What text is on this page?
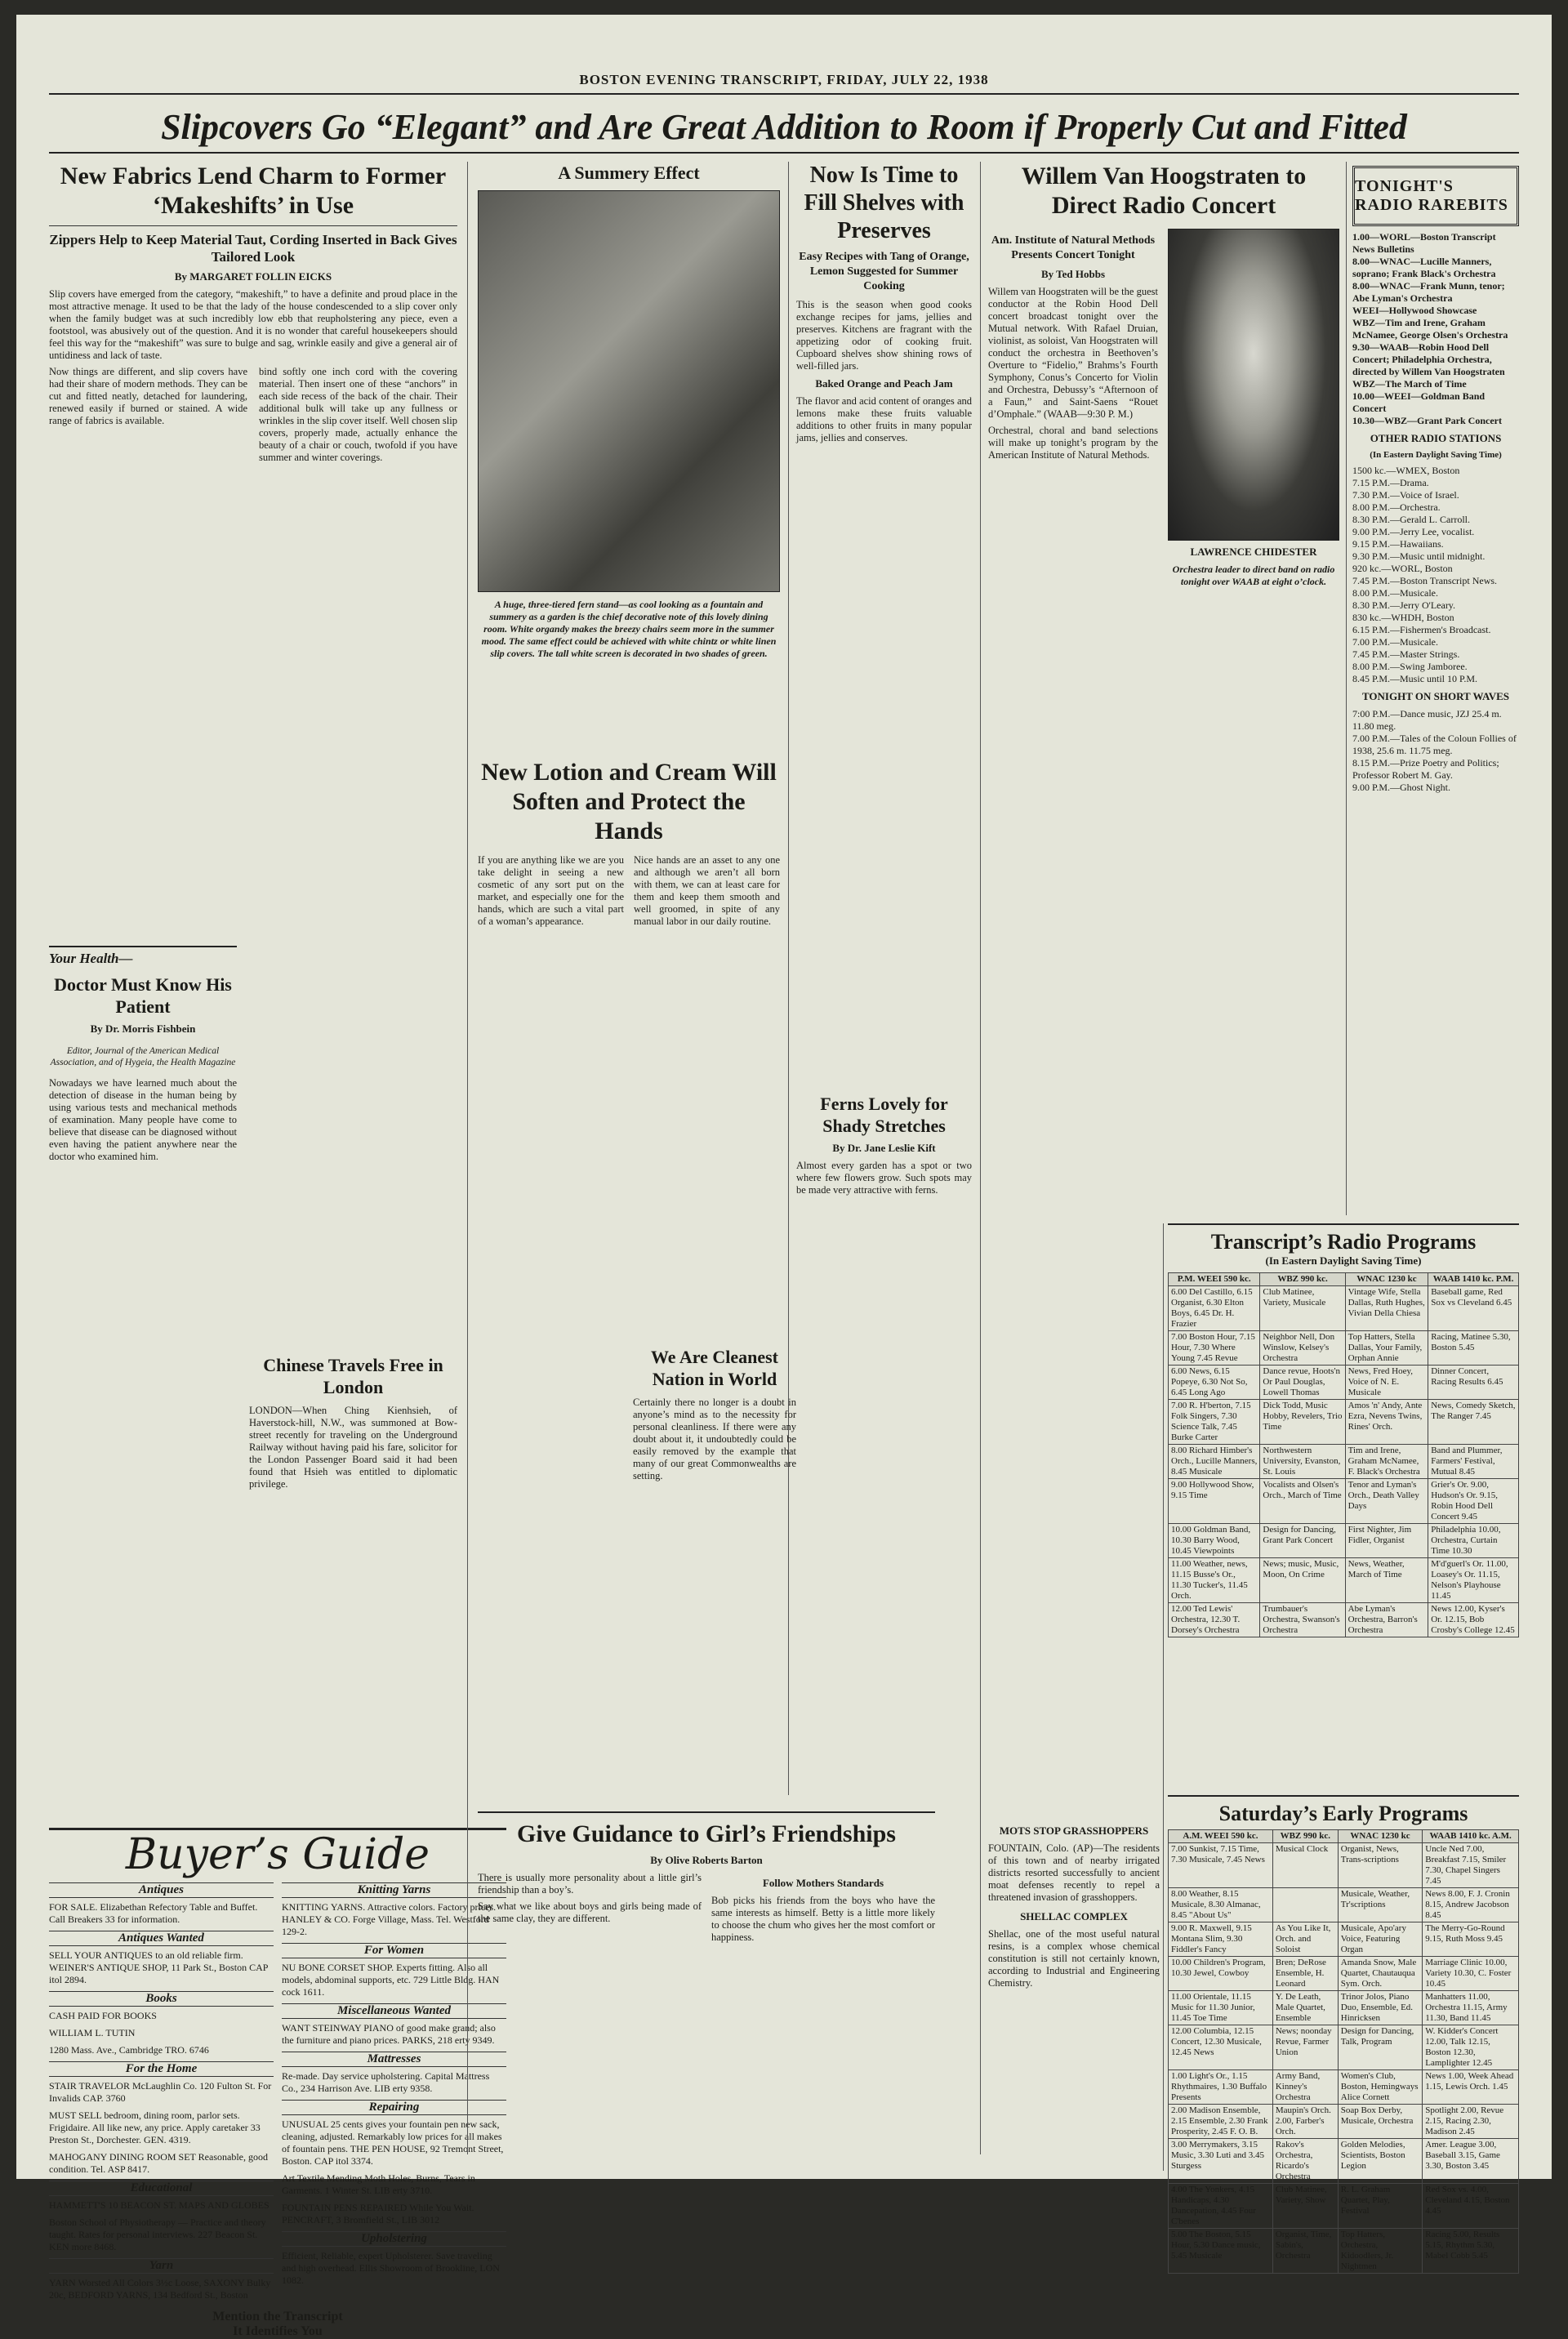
BOSTON EVENING TRANSCRIPT, FRIDAY, JULY 22, 1938
Slipcovers Go “Elegant” and Are Great Addition to Room if Properly Cut and Fitted
New Fabrics Lend Charm to Former ‘Makeshifts’ in Use
Zippers Help to Keep Material Taut, Cording Inserted in Back Gives Tailored Look
By MARGARET FOLLIN EICKS

Slip covers have emerged from the category, “makeshift,” to have a definite and proud place in the most attractive menage. It used to be that the lady of the house condescended to a slip cover only when the family budget was at such incredibly low ebb that reupholstering any piece, even a footstool, was abusively out of the question. And it is no wonder that careful housekeepers should feel this way for the “makeshift” was sure to bulge and sag, wrinkle easily and give a general air of untidiness and lack of taste.

Now things are different, and slip covers have had their share of modern methods. They can be cut and fitted neatly, detached for laundering, renewed easily if burned or stained. A wide range of fabrics is available.

bind softly one inch cord with the covering material. Then insert one of these “anchors” in each side recess of the back of the chair. Their additional bulk will take up any fullness or wrinkles in the slip cover itself. Well chosen slip covers, properly made, actually enhance the beauty of a chair or couch, twofold if you have summer and winter coverings.

Your Health—
Doctor Must Know His Patient
By Dr. Morris Fishbein

Editor, Journal of the American Medical Association, and of Hygeia, the Health Magazine

Nowadays we have learned much about the detection of disease in the human being by using various tests and mechanical methods of examination. Many people have come to believe that disease can be diagnosed without even having the patient anywhere near the doctor who examined him.

Chinese Travels Free in London

LONDON—When Ching Kienhsieh, of Haverstock-hill, N.W., was summoned at Bow-street recently for traveling on the Underground Railway without having paid his fare, solicitor for the London Passenger Board said it had been found that Hsieh was entitled to diplomatic privilege.

Buyer’s Guide
Antiques
FOR SALE. Elizabethan Refectory Table and Buffet. Call Breakers 33 for information.
Antiques Wanted
SELL YOUR ANTIQUES to an old reliable firm. WEINER'S ANTIQUE SHOP, 11 Park St., Boston CAP itol 2894.
Books
CASH PAID FOR BOOKS
WILLIAM L. TUTIN
1280 Mass. Ave., Cambridge TRO. 6746
For the Home
STAIR TRAVELOR McLaughlin Co. 120 Fulton St. For Invalids CAP. 3760
MUST SELL bedroom, dining room, parlor sets. Frigidaire. All like new, any price. Apply caretaker 33 Preston St., Dorchester. GEN. 4319.
MAHOGANY DINING ROOM SET Reasonable, good condition. Tel. ASP 8417.
Educational
HAMMETT'S 10 BEACON ST. MAPS AND GLOBES
Boston School of Physiotherapy — Practice and theory taught. Rates for personal interviews. 227 Beacon St. KEN more 8468.
Yarn
YARN Worsted All Colors 3½c Loose, SAXONY Bulky 20c, BEDFORD YARNS, 134 Bedford St., Boston
Knitting Yarns
KNITTING YARNS. Attractive colors. Factory prices. HANLEY & CO. Forge Village, Mass. Tel. Westford 129-2.
For Women
NU BONE CORSET SHOP. Experts fitting. Also all models, abdominal supports, etc. 729 Little Bldg. HAN cock 1611.
Miscellaneous Wanted
WANT STEINWAY PIANO of good make grand; also the furniture and piano prices. PARKS, 218 erty 9349.
Mattresses
Re-made. Day service upholstering. Capital Mattress Co., 234 Harrison Ave. LIB erty 9358.
Repairing
UNUSUAL 25 cents gives your fountain pen new sack, cleaning, adjusted. Remarkably low prices for all makes of fountain pens. THE PEN HOUSE, 92 Tremont Street, Boston. CAP itol 3374.
Art Textile Mending Moth Holes, Burns, Tears in Garments. 1 Winter St. LIB erty 3710.
FOUNTAIN PENS REPAIRED While You Wait. PENCRAFT, 3 Bromfield St., LIB 3012
Upholstering
Efficient, Reliable, expert Upholsterer. Save traveling and high overhead. Ellis Showroom of Brookline, LON 1082.
Mention the Transcript
It Identifies You
A Summery Effect
A huge, three-tiered fern stand—as cool looking as a fountain and summery as a garden is the chief decorative note of this lovely dining room. White organdy makes the breezy chairs seem more in the summer mood. The same effect could be achieved with white chintz or white linen slip covers. The tall white screen is decorated in two shades of green.
New Lotion and Cream Will Soften and Protect the Hands

If you are anything like we are you take delight in seeing a new cosmetic of any sort put on the market, and especially one for the hands, which are such a vital part of a woman’s appearance.

Nice hands are an asset to any one and although we aren’t all born with them, we can at least care for them and keep them smooth and well groomed, in spite of any manual labor in our daily routine.

Give Guidance to Girl’s Friendships
By Olive Roberts Barton

There is usually more personality about a little girl’s friendship than a boy’s.

Say what we like about boys and girls being made of the same clay, they are different.

Follow Mothers Standards

Bob picks his friends from the boys who have the same interests as himself. Betty is a little more likely to choose the chum who gives her the most comfort or happiness.

Now Is Time to Fill Shelves with Preserves
Easy Recipes with Tang of Orange, Lemon Suggested for Summer Cooking

This is the season when good cooks exchange recipes for jams, jellies and preserves. Kitchens are fragrant with the appetizing odor of cooking fruit. Cupboard shelves show shining rows of well-filled jars.

Baked Orange and Peach Jam

The flavor and acid content of oranges and lemons make these fruits valuable additions to other fruits in many popular jams, jellies and conserves.

Ferns Lovely for Shady Stretches
By Dr. Jane Leslie Kift

Almost every garden has a spot or two where few flowers grow. Such spots may be made very attractive with ferns.

We Are Cleanest Nation in World

Certainly there no longer is a doubt in anyone’s mind as to the necessity for personal cleanliness. If there were any doubt about it, it undoubtedly could be easily removed by the example that many of our great Commonwealths are setting.

Willem Van Hoogstraten to Direct Radio Concert
Am. Institute of Natural Methods Presents Concert Tonight
By Ted Hobbs

Willem van Hoogstraten will be the guest conductor at the Robin Hood Dell concert broadcast tonight over the Mutual network. With Rafael Druian, violinist, as soloist, Van Hoogstraten will conduct the orchestra in Beethoven’s Overture to “Fidelio,” Brahms’s Fourth Symphony, Conus’s Concerto for Violin and Orchestra, Debussy’s “Afternoon of a Faun,” and Saint-Saens “Rouet d’Omphale.” (WAAB—9:30 P. M.)

Orchestral, choral and band selections will make up tonight’s program by the American Institute of Natural Methods.

LAWRENCE CHIDESTER
Orchestra leader to direct band on radio tonight over WAAB at eight o’clock.
MOTS STOP GRASSHOPPERS

FOUNTAIN, Colo. (AP)—The residents of this town and of nearby irrigated districts resorted successfully to ancient moat defenses recently to repel a threatened invasion of grasshoppers.

SHELLAC COMPLEX

Shellac, one of the most useful natural resins, is a complex whose chemical constitution is still not certainly known, according to Industrial and Engineering Chemistry.

TONIGHT'S RADIO RAREBITS
1.00—WORL—Boston Transcript News Bulletins
8.00—WNAC—Lucille Manners, soprano; Frank Black's Orchestra
8.00—WNAC—Frank Munn, tenor; Abe Lyman's Orchestra
WEEI—Hollywood Showcase
WBZ—Tim and Irene, Graham McNamee, George Olsen's Orchestra
9.30—WAAB—Robin Hood Dell Concert; Philadelphia Orchestra, directed by Willem Van Hoogstraten
WBZ—The March of Time
10.00—WEEI—Goldman Band Concert
10.30—WBZ—Grant Park Concert
OTHER RADIO STATIONS
(In Eastern Daylight Saving Time)
1500 kc.—WMEX, Boston
7.15 P.M.—Drama.
7.30 P.M.—Voice of Israel.
8.00 P.M.—Orchestra.
8.30 P.M.—Gerald L. Carroll.
9.00 P.M.—Jerry Lee, vocalist.
9.15 P.M.—Hawaiians.
9.30 P.M.—Music until midnight.
920 kc.—WORL, Boston
7.45 P.M.—Boston Transcript News.
8.00 P.M.—Musicale.
8.30 P.M.—Jerry O'Leary.
830 kc.—WHDH, Boston
6.15 P.M.—Fishermen's Broadcast.
7.00 P.M.—Musicale.
7.45 P.M.—Master Strings.
8.00 P.M.—Swing Jamboree.
8.45 P.M.—Music until 10 P.M.
TONIGHT ON SHORT WAVES
7:00 P.M.—Dance music, JZJ 25.4 m. 11.80 meg.
7.00 P.M.—Tales of the Coloun Follies of 1938, 25.6 m. 11.75 meg.
8.15 P.M.—Prize Poetry and Politics; Professor Robert M. Gay.
9.00 P.M.—Ghost Night.
Transcript’s Radio Programs
(In Eastern Daylight Saving Time)
P.M. WEEI 590 kc.	WBZ 990 kc.	WNAC 1230 kc	WAAB 1410 kc. P.M.
6.00 Del Castillo, 6.15 Organist, 6.30 Elton Boys, 6.45 Dr. H. Frazier	Club Matinee, Variety, Musicale	Vintage Wife, Stella Dallas, Ruth Hughes, Vivian Della Chiesa	Baseball game, Red Sox vs Cleveland 6.45
7.00 Boston Hour, 7.15 Hour, 7.30 Where Young 7.45 Revue	Neighbor Nell, Don Winslow, Kelsey's Orchestra	Top Hatters, Stella Dallas, Your Family, Orphan Annie	Racing, Matinee 5.30, Boston 5.45
6.00 News, 6.15 Popeye, 6.30 Not So, 6.45 Long Ago	Dance revue, Hoots'n Or Paul Douglas, Lowell Thomas	News, Fred Hoey, Voice of N. E. Musicale	Dinner Concert, Racing Results 6.45
7.00 R. H'berton, 7.15 Folk Singers, 7.30 Science Talk, 7.45 Burke Carter	Dick Todd, Music Hobby, Revelers, Trio Time	Amos 'n' Andy, Ante Ezra, Nevens Twins, Rines' Orch.	News, Comedy Sketch, The Ranger 7.45
8.00 Richard Himber's Orch., Lucille Manners, 8.45 Musicale	Northwestern University, Evanston, St. Louis	Tim and Irene, Graham McNamee, F. Black's Orchestra	Band and Plummer, Farmers' Festival, Mutual 8.45
9.00 Hollywood Show, 9.15 Time	Vocalists and Olsen's Orch., March of Time	Tenor and Lyman's Orch., Death Valley Days	Grier's Or. 9.00, Hudson's Or. 9.15, Robin Hood Dell Concert 9.45
10.00 Goldman Band, 10.30 Barry Wood, 10.45 Viewpoints	Design for Dancing, Grant Park Concert	First Nighter, Jim Fidler, Organist	Philadelphia 10.00, Orchestra, Curtain Time 10.30
11.00 Weather, news, 11.15 Busse's Or., 11.30 Tucker's, 11.45 Orch.	News; music, Music, Moon, On Crime	News, Weather, March of Time	M'd'guerl's Or. 11.00, Loasey's Or. 11.15, Nelson's Playhouse 11.45
12.00 Ted Lewis' Orchestra, 12.30 T. Dorsey's Orchestra	Trumbauer's Orchestra, Swanson's Orchestra	Abe Lyman's Orchestra, Barron's Orchestra	News 12.00, Kyser's Or. 12.15, Bob Crosby's College 12.45
Saturday’s Early Programs
A.M. WEEI 590 kc.	WBZ 990 kc.	WNAC 1230 kc	WAAB 1410 kc. A.M.
7.00 Sunkist, 7.15 Time, 7.30 Musicale, 7.45 News	Musical Clock	Organist, News, Trans-scriptions	Uncle Ned 7.00, Breakfast 7.15, Smiler 7.30, Chapel Singers 7.45
8.00 Weather, 8.15 Musicale, 8.30 Almanac, 8.45 "About Us"		Musicale, Weather, Tr'scriptions	News 8.00, F. J. Cronin 8.15, Andrew Jacobson 8.45
9.00 R. Maxwell, 9.15 Montana Slim, 9.30 Fiddler's Fancy	As You Like It, Orch. and Soloist	Musicale, Apo'ary Voice, Featuring Organ	The Merry-Go-Round 9.15, Ruth Moss 9.45
10.00 Children's Program, 10.30 Jewel, Cowboy	Bren; DeRose Ensemble, H. Leonard	Amanda Snow, Male Quartet, Chautauqua Sym. Orch.	Marriage Clinic 10.00, Variety 10.30, C. Foster 10.45
11.00 Orientale, 11.15 Music for 11.30 Junior, 11.45 Toe Time	Y. De Leath, Male Quartet, Ensemble	Trinor Jolos, Piano Duo, Ensemble, Ed. Hinricksen	Manhatters 11.00, Orchestra 11.15, Army 11.30, Band 11.45
12.00 Columbia, 12.15 Concert, 12.30 Musicale, 12.45 News	News; noonday Revue, Farmer Union	Design for Dancing, Talk, Program	W. Kidder's Concert 12.00, Talk 12.15, Boston 12.30, Lamplighter 12.45
1.00 Light's Or., 1.15 Rhythmaires, 1.30 Buffalo Presents	Army Band, Kinney's Orchestra	Women's Club, Boston, Hemingways Alice Cornett	News 1.00, Week Ahead 1.15, Lewis Orch. 1.45
2.00 Madison Ensemble, 2.15 Ensemble, 2.30 Frank Prosperity, 2.45 F. O. B.	Maupin's Orch. 2.00, Farber's Orch.	Soap Box Derby, Musicale, Orchestra	Spotlight 2.00, Revue 2.15, Racing 2.30, Madison 2.45
3.00 Merrymakers, 3.15 Music, 3.30 Luti and 3.45 Sturgess	Rakov's Orchestra, Ricardo's Orchestra	Golden Melodies, Scientists, Boston Legion	Amer. League 3.00, Baseball 3.15, Game 3.30, Boston 3.45
4.00 The Yonkers, 4.15 Handicaps, 4.30 Dancepation, 4.45 Four C'benes	Club Matinee, Variety, Show	R. L. Graham Quartet, Play, Festival	Red Sox vs. 4.00, Cleveland 4.15, Boston 4.45
5.00 The Boston, 5.15 Hour, 5.30 Dance music, 5.45 Musicale	Organist, Time, Sabin's, Orchestra	Top Hatters, Orchestra, Kidoodlers, Jr. Nightmen	Racing 5.00, Results 5.15, Rhythm 5.30, Mabel Cobb 5.45
